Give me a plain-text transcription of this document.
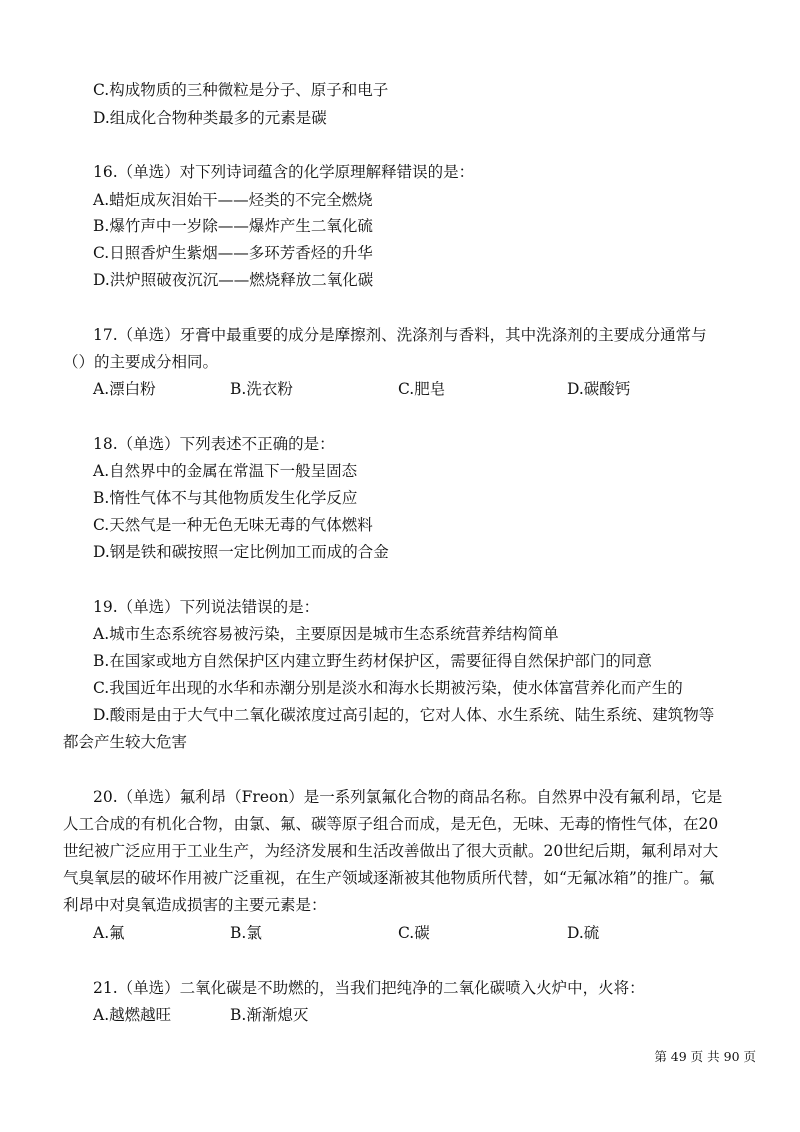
C.构成物质的三种微粒是分子、原子和电子
D.组成化合物种类最多的元素是碳
16.（单选）对下列诗词蕴含的化学原理解释错误的是：
A.蜡炬成灰泪始干——烃类的不完全燃烧
B.爆竹声中一岁除——爆炸产生二氧化硫
C.日照香炉生紫烟——多环芳香烃的升华
D.洪炉照破夜沉沉——燃烧释放二氧化碳
17.（单选）牙膏中最重要的成分是摩擦剂、洗涤剂与香料，其中洗涤剂的主要成分通常与
（）的主要成分相同。
A.漂白粉	B.洗衣粉	C.肥皂	D.碳酸钙
18.（单选）下列表述不正确的是：
A.自然界中的金属在常温下一般呈固态
B.惰性气体不与其他物质发生化学反应
C.天然气是一种无色无味无毒的气体燃料
D.钢是铁和碳按照一定比例加工而成的合金
19.（单选）下列说法错误的是：
A.城市生态系统容易被污染，主要原因是城市生态系统营养结构简单
B.在国家或地方自然保护区内建立野生药材保护区，需要征得自然保护部门的同意
C.我国近年出现的水华和赤潮分别是淡水和海水长期被污染，使水体富营养化而产生的
D.酸雨是由于大气中二氧化碳浓度过高引起的，它对人体、水生系统、陆生系统、建筑物等
都会产生较大危害
20.（单选）氟利昂（Freon）是一系列氯氟化合物的商品名称。自然界中没有氟利昂，它是
人工合成的有机化合物，由氯、氟、碳等原子组合而成，是无色，无味、无毒的惰性气体，在20
世纪被广泛应用于工业生产，为经济发展和生活改善做出了很大贡献。20世纪后期，氟利昂对大
气臭氧层的破坏作用被广泛重视，在生产领域逐渐被其他物质所代替，如“无氟冰箱”的推广。氟
利昂中对臭氧造成损害的主要元素是：
A.氟	B.氯	C.碳	D.硫
21.（单选）二氧化碳是不助燃的，当我们把纯净的二氧化碳喷入火炉中，火将：
A.越燃越旺	B.渐渐熄灭
第 49 页 共 90 页
